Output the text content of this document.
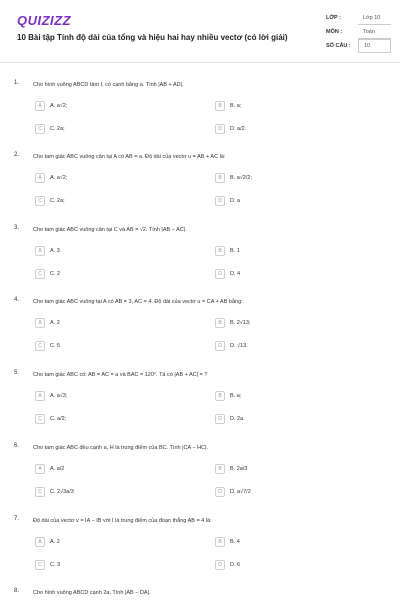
QUIZIZZ
10 Bài tập Tính độ dài của tổng và hiệu hai hay nhiều vectơ (có lời giải)
LỚP :	Lớp 10
MÔN :	Toán
SỐ CÂU :	10
1.	Cho hình vuông ABCD tâm I, có cạnh bằng a. Tính |AB + AD|.
A	A. a√2;	B	B. a;
C	C. 2a;	D	D. a/2.
2.	Cho tam giác ABC vuông cân tại A có AB = a. Độ dài của vectơ u = AB + AC là:
A	A. a√2;	B	B. a√2/2;
C	C. 2a;	D	D. a
3.	Cho tam giác ABC vuông cân tại C và AB = √2. Tính |AB − AC|.
A	A. 3	B	B. 1
C	C. 2	D	D. 4
4.	Cho tam giác ABC vuông tại A có AB = 3, AC = 4. Độ dài của vectơ u = CA + AB bằng:
A	A. 2	B	B. 2√13;
C	C. 5	D	D. √13.
5.	Cho tam giác ABC có: AB = AC = a và BAC = 120°. Tá có |AB + AC| = ?
A	A. a√3;	B	B. a;
C	C. a/2;	D	D. 2a.
6.	Cho tam giác ABC đều cạnh a, H là trung điểm của BC. Tính |CA − HC|.
A	A. a/2	B	B. 2a/3
C	C. 2√3a/3	D	D. a√7/2
7.	Độ dài của vectơ v = IA − IB với I là trung điểm của đoạn thẳng AB = 4 là:
A	A. 2	B	B. 4
C	C. 3	D	D. 6
8.	Cho hình vuông ABCD cạnh 2a. Tính |AB − DA|.
